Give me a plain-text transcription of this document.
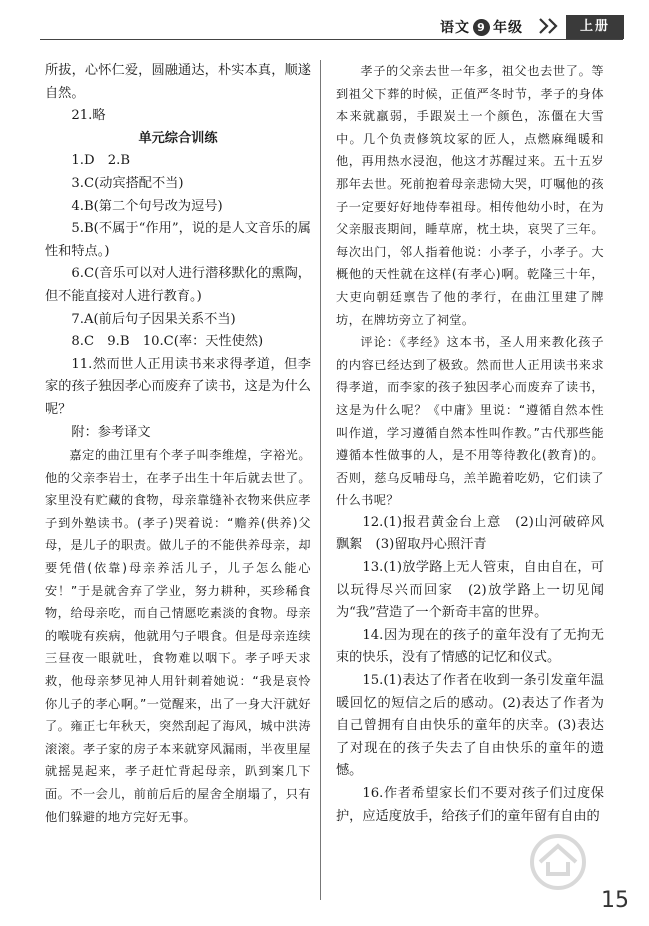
语文 9 年级	上册

所拔，心怀仁爱，圆融通达，朴实本真，顺遂自然。

21.略

单元综合训练

1.D　2.B

3.C(动宾搭配不当)

4.B(第二个句号改为逗号)

5.B(不属于“作用”，说的是人文音乐的属性和特点。)

6.C(音乐可以对人进行潜移默化的熏陶，但不能直接对人进行教育。)

7.A(前后句子因果关系不当)

8.C　9.B　10.C(率：天性使然)

11.然而世人正用读书来求得孝道，但李家的孩子独因孝心而废弃了读书，这是为什么呢？

附：参考译文

嘉定的曲江里有个孝子叫李维煌，字裕光。他的父亲李岩士，在孝子出生十年后就去世了。家里没有贮藏的食物，母亲靠缝补衣物来供应孝子到外塾读书。(孝子)哭着说：“赡养(供养)父母，是儿子的职责。做儿子的不能供养母亲，却要凭借(依靠)母亲养活儿子，儿子怎么能心安！”于是就舍弃了学业，努力耕种，买珍稀食物，给母亲吃，而自己情愿吃素淡的食物。母亲的喉咙有疾病，他就用勺子喂食。但是母亲连续三昼夜一眼就吐，食物难以咽下。孝子呼天求救，他母亲梦见神人用针刺着她说：“我是哀怜你儿子的孝心啊。”一觉醒来，出了一身大汗就好了。雍正七年秋天，突然刮起了海风，城中洪涛滚滚。孝子家的房子本来就穿风漏雨，半夜里屋就摇晃起来，孝子赶忙背起母亲，趴到案几下面。不一会儿，前前后后的屋舍全崩塌了，只有他们躲避的地方完好无事。

孝子的父亲去世一年多，祖父也去世了。等到祖父下葬的时候，正值严冬时节，孝子的身体本来就羸弱，手跟炭土一个颜色，冻僵在大雪中。几个负责修筑坟冢的匠人，点燃麻绳暖和他，再用热水浸泡，他这才苏醒过来。五十五岁那年去世。死前抱着母亲悲恸大哭，叮嘱他的孩子一定要好好地侍奉祖母。相传他幼小时，在为父亲服丧期间，睡草席，枕土块，哀哭了三年。每次出门，邻人指着他说：小孝子，小孝子。大概他的天性就在这样(有孝心)啊。乾隆三十年，大吏向朝廷禀告了他的孝行，在曲江里建了牌坊，在牌坊旁立了祠堂。

评论：《孝经》这本书，圣人用来教化孩子的内容已经达到了极致。然而世人正用读书来求得孝道，而李家的孩子独因孝心而废弃了读书，这是为什么呢？《中庸》里说：“遵循自然本性叫作道，学习遵循自然本性叫作教。”古代那些能遵循本性做事的人，是不用等待教化(教育)的。否则，慈乌反哺母乌，羔羊跪着吃奶，它们读了什么书呢？

12.(1)报君黄金台上意　(2)山河破碎风飘絮　(3)留取丹心照汗青

13.(1)放学路上无人管束，自由自在，可以玩得尽兴而回家　(2)放学路上一切见闻为“我”营造了一个新奇丰富的世界。

14.因为现在的孩子的童年没有了无拘无束的快乐，没有了情感的记忆和仪式。

15.(1)表达了作者在收到一条引发童年温暖回忆的短信之后的感动。(2)表达了作者为自己曾拥有自由快乐的童年的庆幸。(3)表达了对现在的孩子失去了自由快乐的童年的遗憾。

16.作者希望家长们不要对孩子们过度保护，应适度放手，给孩子们的童年留有自由的

15
